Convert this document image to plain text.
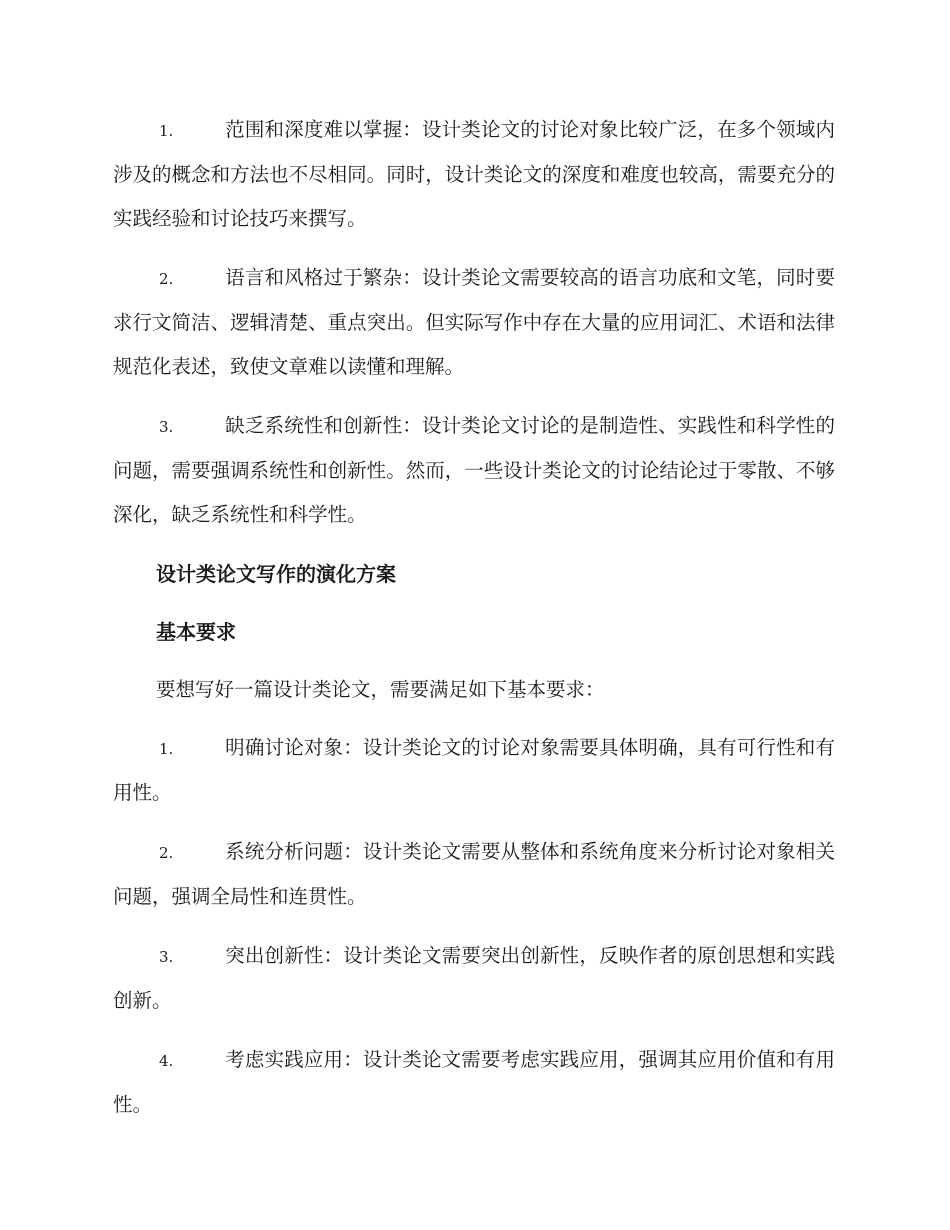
1.	范围和深度难以掌握：设计类论文的讨论对象比较广泛，在多个领域内涉及的概念和方法也不尽相同。同时，设计类论文的深度和难度也较高，需要充分的实践经验和讨论技巧来撰写。
2.	语言和风格过于繁杂：设计类论文需要较高的语言功底和文笔，同时要求行文简洁、逻辑清楚、重点突出。但实际写作中存在大量的应用词汇、术语和法律规范化表述，致使文章难以读懂和理解。
3.	缺乏系统性和创新性：设计类论文讨论的是制造性、实践性和科学性的问题，需要强调系统性和创新性。然而，一些设计类论文的讨论结论过于零散、不够深化，缺乏系统性和科学性。
设计类论文写作的演化方案
基本要求
要想写好一篇设计类论文，需要满足如下基本要求：
1.	明确讨论对象：设计类论文的讨论对象需要具体明确，具有可行性和有用性。
2.	系统分析问题：设计类论文需要从整体和系统角度来分析讨论对象相关问题，强调全局性和连贯性。
3.	突出创新性：设计类论文需要突出创新性，反映作者的原创思想和实践创新。
4.	考虑实践应用：设计类论文需要考虑实践应用，强调其应用价值和有用性。
